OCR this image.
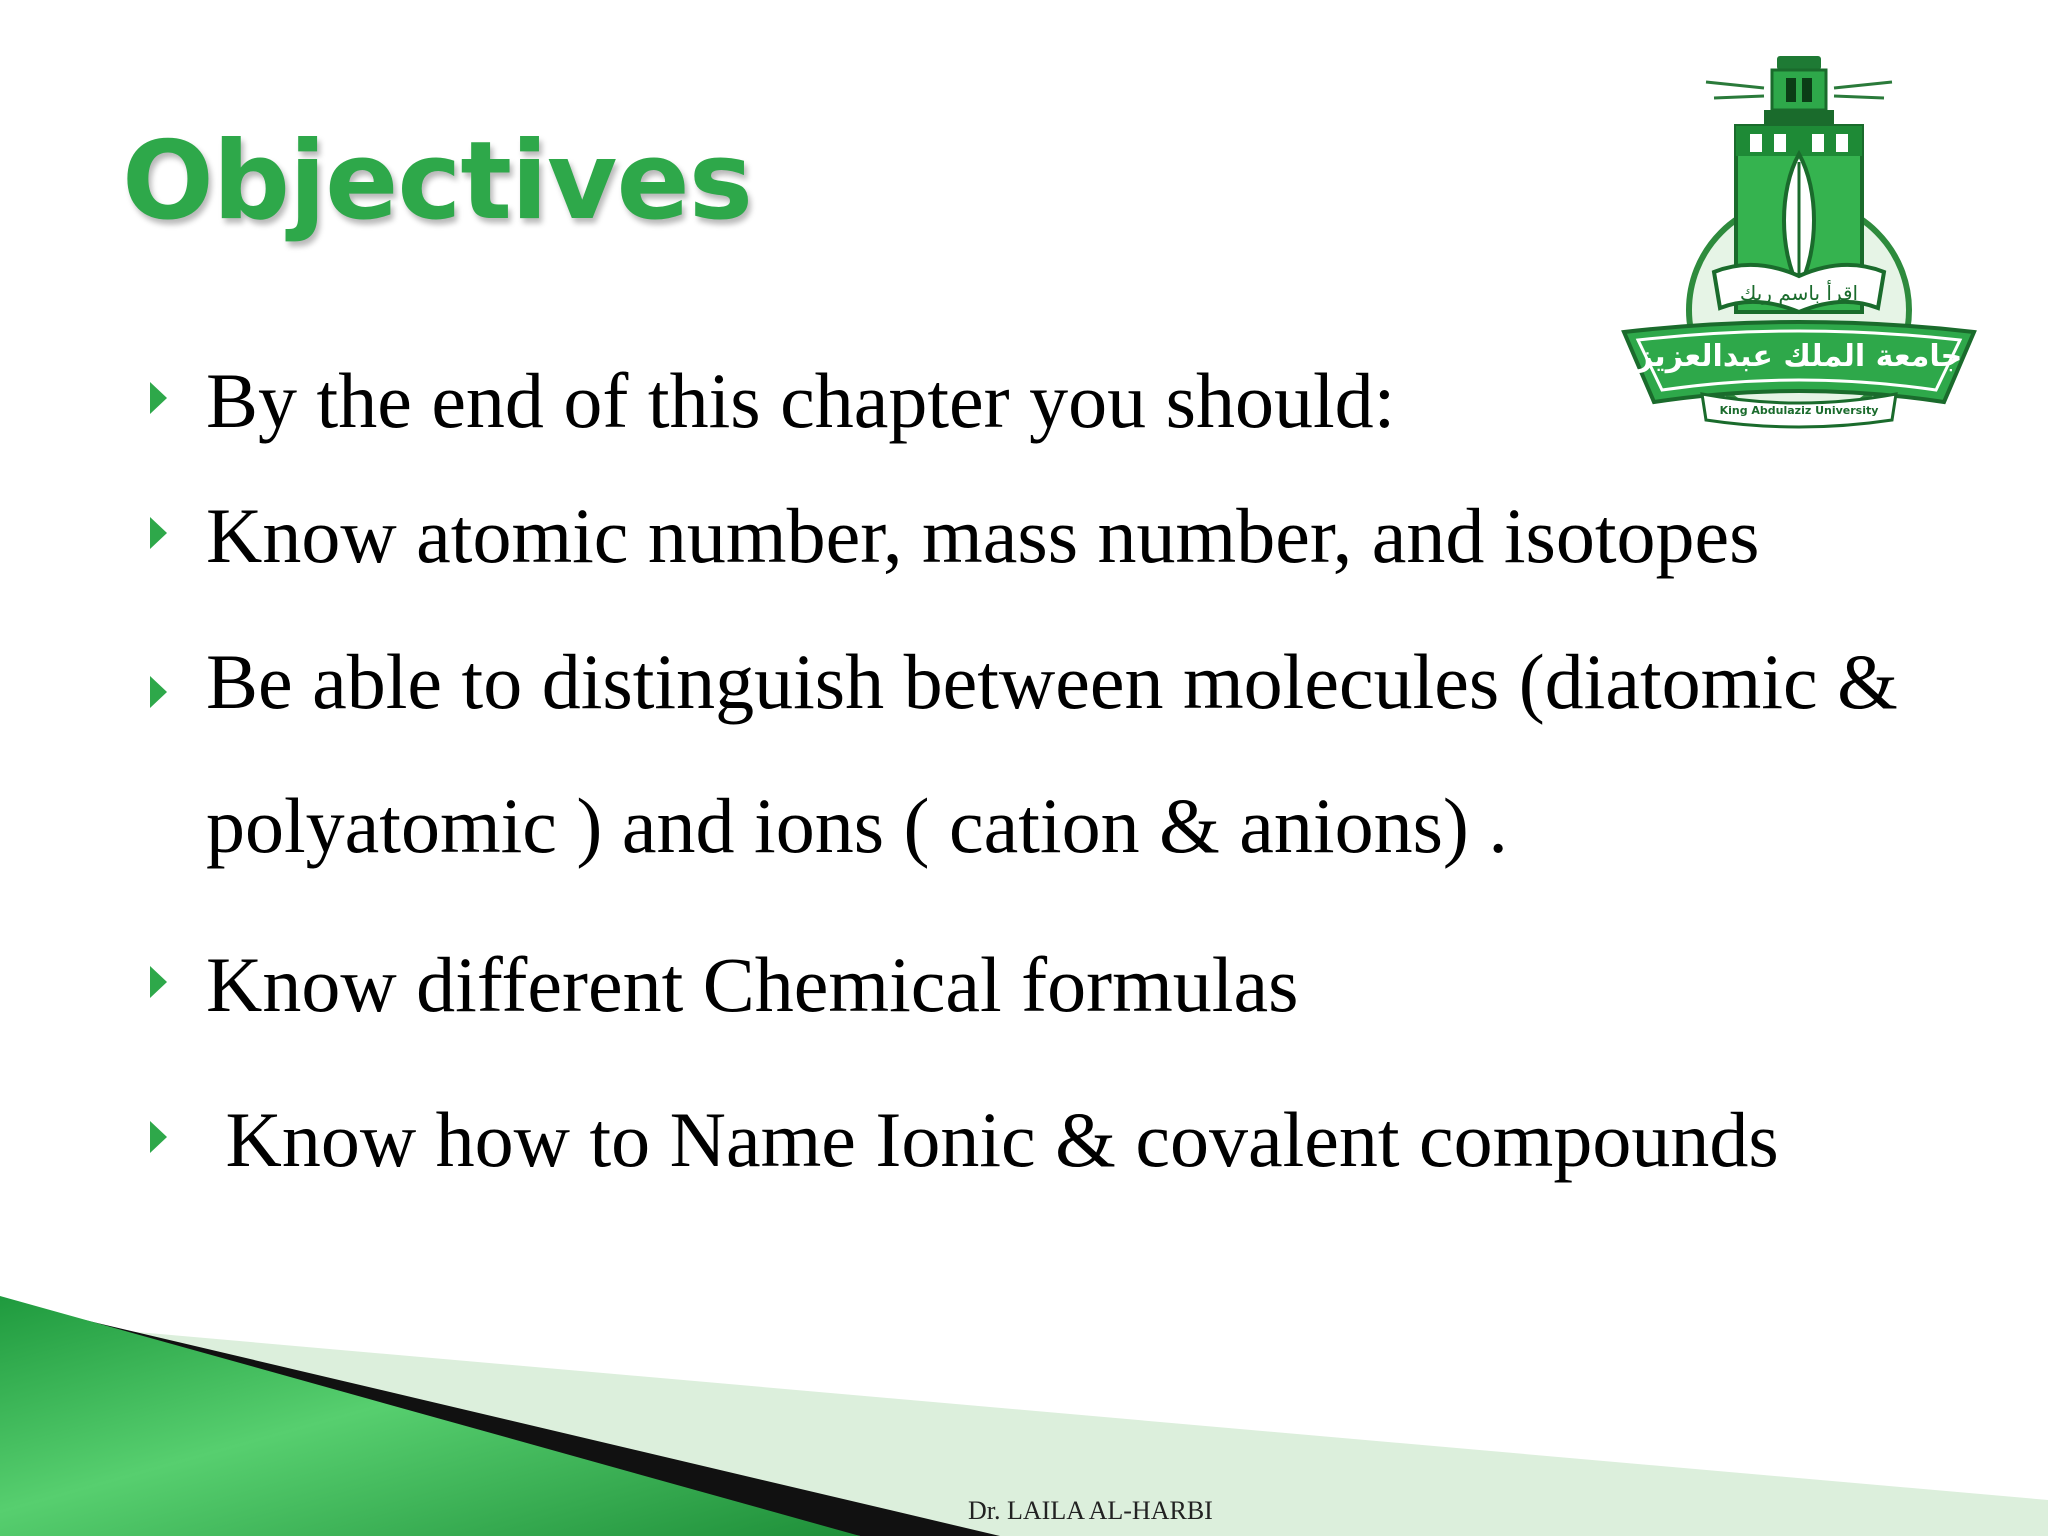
Objectives
اقرأ باسم ربك
جامعة الملك عبدالعزيز
King Abdulaziz University
By the end of this chapter you should:
Know atomic number, mass number, and isotopes
Be able to distinguish between molecules (diatomic & polyatomic ) and ions ( cation & anions) .
Know different Chemical formulas
Know how to Name Ionic & covalent compounds
Dr. LAILA AL-HARBI
